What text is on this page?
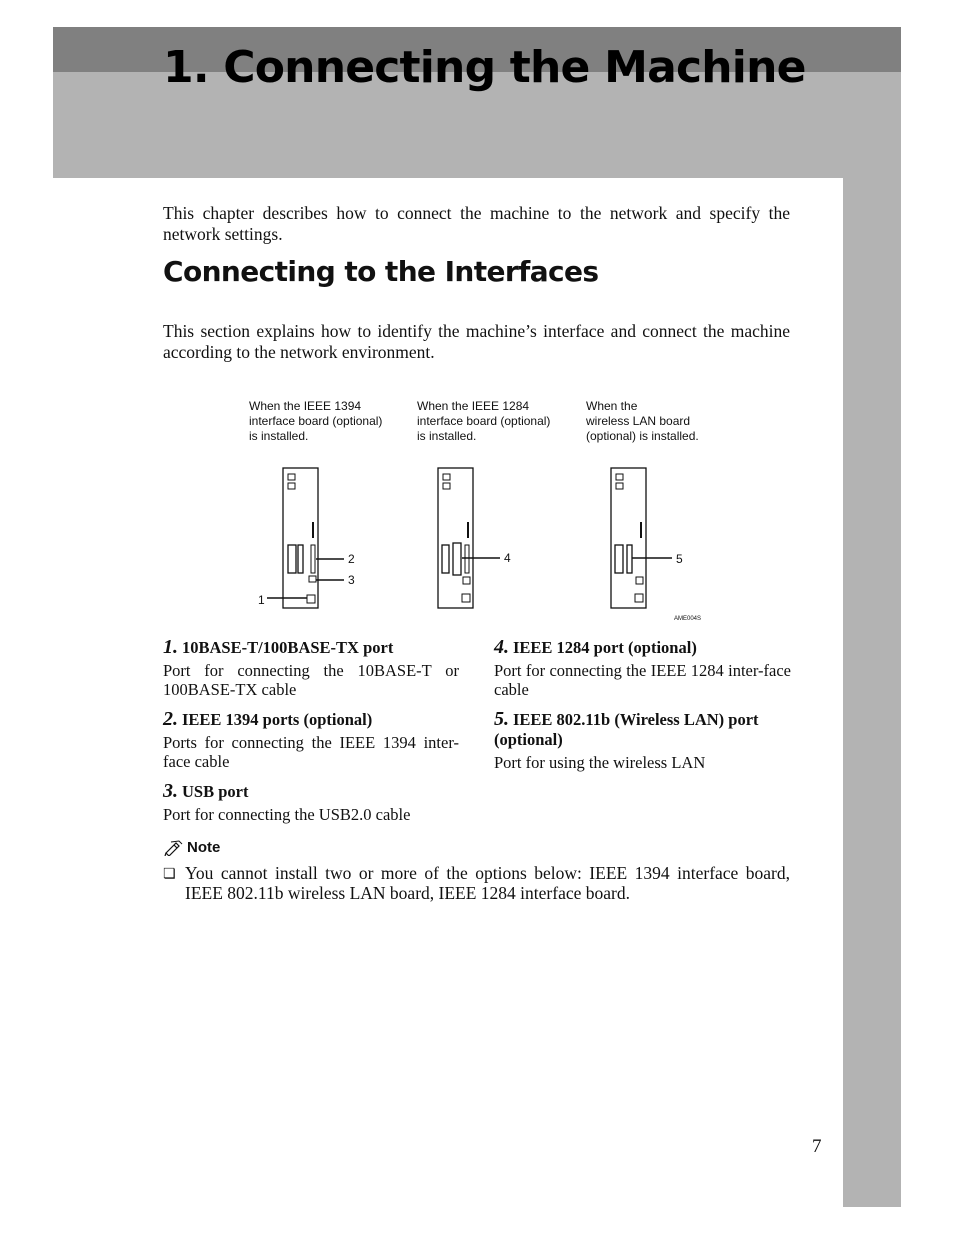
1. Connecting the Machine

This chapter describes how to connect the machine to the network and specify the network settings.

Connecting to the Interfaces

This section explains how to identify the machine’s interface and connect the machine according to the network environment.

When the IEEE 1394
interface board (optional)
is installed.
When the IEEE 1284
interface board (optional)
is installed.
When the
wireless LAN board
(optional) is installed.
1
2
3
4	5
AME004S
1. 10BASE-T/100BASE-TX port
Port for connecting the 10BASE-T or 100BASE-TX cable
2. IEEE 1394 ports (optional)
Ports for connecting the IEEE 1394 inter-face cable
3. USB port
Port for connecting the USB2.0 cable
4. IEEE 1284 port (optional)
Port for connecting the IEEE 1284 inter-face cable
5. IEEE 802.11b (Wireless LAN) port (optional)
Port for using the wireless LAN
Note
❏ You cannot install two or more of the options below: IEEE 1394 interface board, IEEE 802.11b wireless LAN board, IEEE 1284 interface board.

7
